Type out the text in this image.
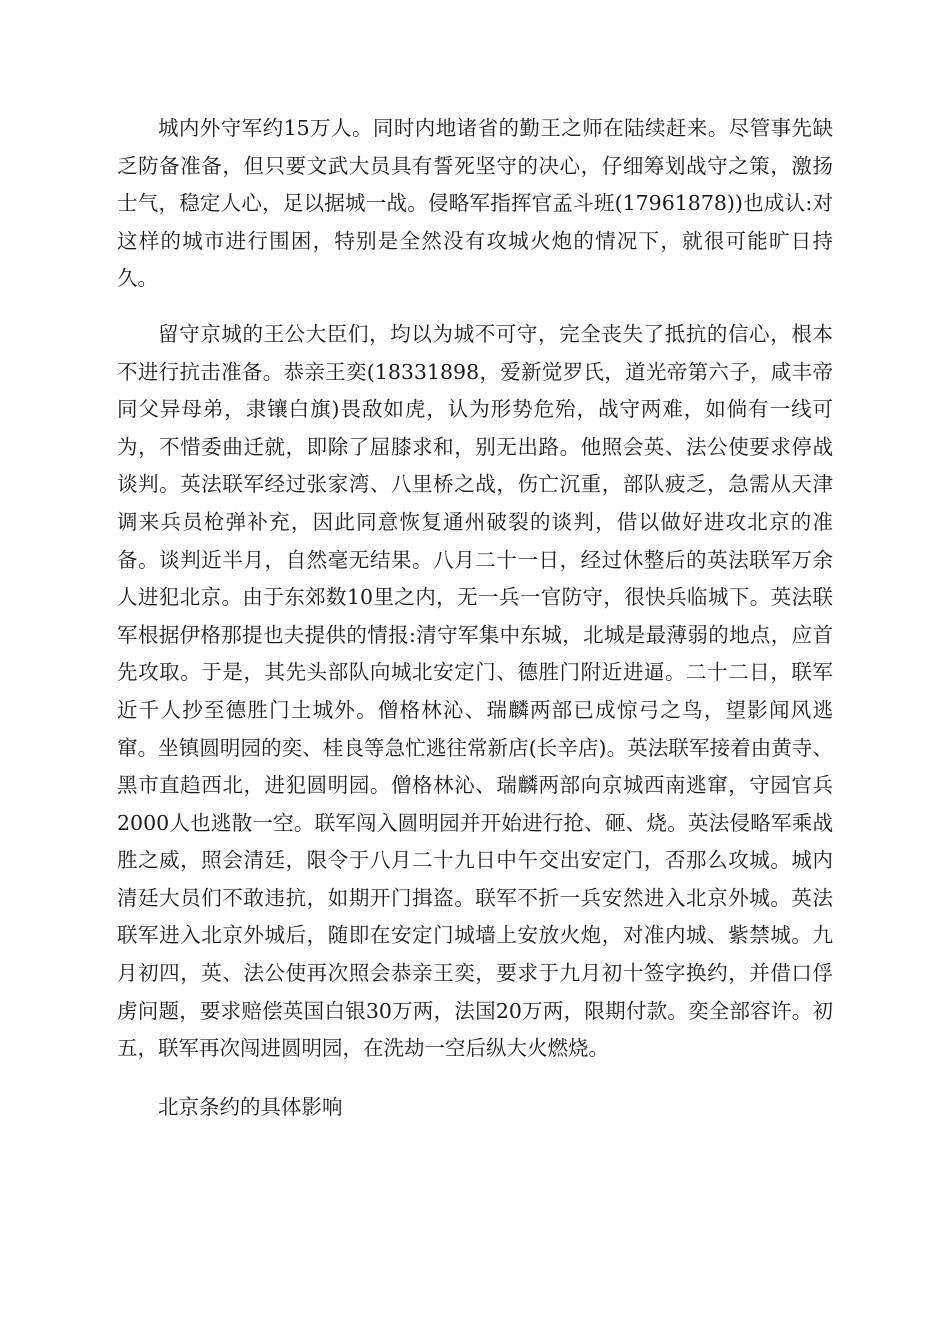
城内外守军约15万人。同时内地诸省的勤王之师在陆续赶来。尽管事先缺乏防备准备，但只要文武大员具有誓死坚守的决心，仔细筹划战守之策，激扬士气，稳定人心，足以据城一战。侵略军指挥官孟斗班(17961878))也成认:对这样的城市进行围困，特别是全然没有攻城火炮的情况下，就很可能旷日持久。

留守京城的王公大臣们，均以为城不可守，完全丧失了抵抗的信心，根本不进行抗击准备。恭亲王奕(18331898，爱新觉罗氏，道光帝第六子，咸丰帝同父异母弟，隶镶白旗)畏敌如虎，认为形势危殆，战守两难，如倘有一线可为，不惜委曲迁就，即除了屈膝求和，别无出路。他照会英、法公使要求停战谈判。英法联军经过张家湾、八里桥之战，伤亡沉重，部队疲乏，急需从天津调来兵员枪弹补充，因此同意恢复通州破裂的谈判，借以做好进攻北京的准备。谈判近半月，自然毫无结果。八月二十一日，经过休整后的英法联军万余人进犯北京。由于东郊数10里之内，无一兵一官防守，很快兵临城下。英法联军根据伊格那提也夫提供的情报:清守军集中东城，北城是最薄弱的地点，应首先攻取。于是，其先头部队向城北安定门、德胜门附近进逼。二十二日，联军近千人抄至德胜门土城外。僧格林沁、瑞麟两部已成惊弓之鸟，望影闻风逃窜。坐镇圆明园的奕、桂良等急忙逃往常新店(长辛店)。英法联军接着由黄寺、黑市直趋西北，进犯圆明园。僧格林沁、瑞麟两部向京城西南逃窜，守园官兵2000人也逃散一空。联军闯入圆明园并开始进行抢、砸、烧。英法侵略军乘战胜之威，照会清廷，限令于八月二十九日中午交出安定门，否那么攻城。城内清廷大员们不敢违抗，如期开门揖盗。联军不折一兵安然进入北京外城。英法联军进入北京外城后，随即在安定门城墙上安放火炮，对准内城、紫禁城。九月初四，英、法公使再次照会恭亲王奕，要求于九月初十签字换约，并借口俘虏问题，要求赔偿英国白银30万两，法国20万两，限期付款。奕全部容许。初五，联军再次闯进圆明园，在洗劫一空后纵大火燃烧。

北京条约的具体影响
